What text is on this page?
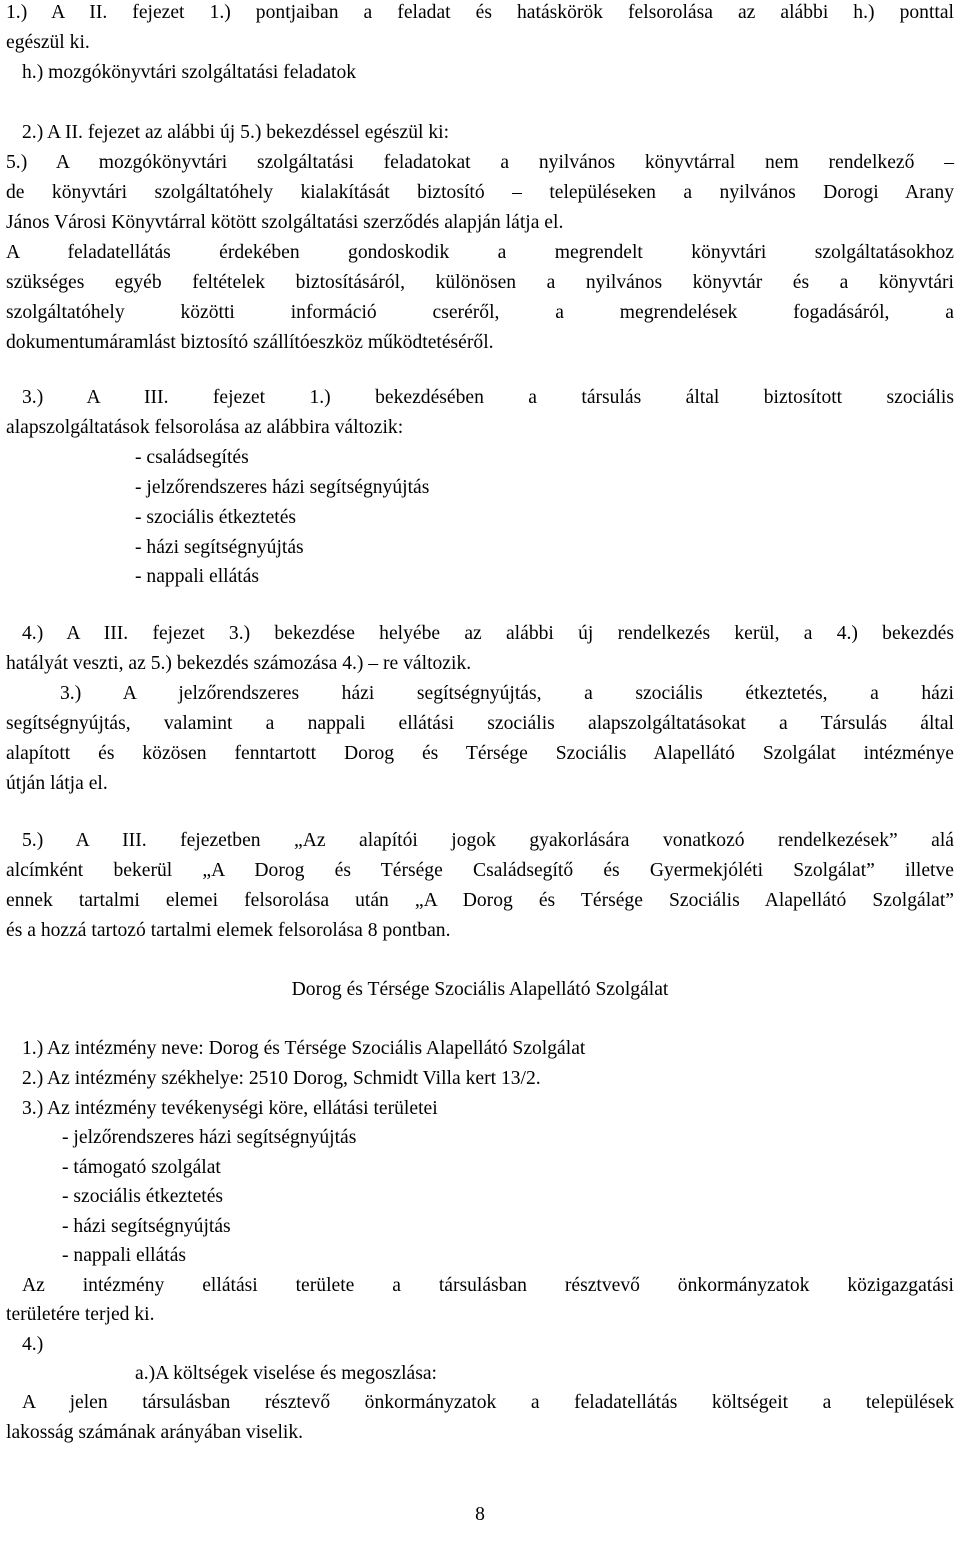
1.) A II. fejezet 1.) pontjaiban a feladat és hatáskörök felsorolása az alábbi h.) ponttal
egészül ki.
h.) mozgókönyvtári szolgáltatási feladatok
2.) A II. fejezet az alábbi új 5.) bekezdéssel egészül ki:
5.) A mozgókönyvtári szolgáltatási feladatokat a nyilvános könyvtárral nem rendelkező –
de könyvtári szolgáltatóhely kialakítását biztosító – településeken a nyilvános Dorogi Arany
János Városi Könyvtárral kötött szolgáltatási szerződés alapján látja el.
A feladatellátás érdekében gondoskodik a megrendelt könyvtári szolgáltatásokhoz
szükséges egyéb feltételek biztosításáról, különösen a nyilvános könyvtár és a könyvtári
szolgáltatóhely közötti információ cseréről, a megrendelések fogadásáról, a
dokumentumáramlást biztosító szállítóeszköz működtetéséről.
3.) A III. fejezet 1.) bekezdésében a társulás által biztosított szociális
alapszolgáltatások felsorolása az alábbira változik:
- családsegítés
- jelzőrendszeres házi segítségnyújtás
- szociális étkeztetés
- házi segítségnyújtás
- nappali ellátás
4.) A III. fejezet 3.) bekezdése helyébe az alábbi új rendelkezés kerül, a 4.) bekezdés
hatályát veszti, az 5.) bekezdés számozása 4.) – re változik.
3.) A jelzőrendszeres házi segítségnyújtás, a szociális étkeztetés, a házi
segítségnyújtás, valamint a nappali ellátási szociális alapszolgáltatásokat a Társulás által
alapított és közösen fenntartott Dorog és Térsége Szociális Alapellátó Szolgálat intézménye
útján látja el.
5.) A III. fejezetben „Az alapítói jogok gyakorlására vonatkozó rendelkezések” alá
alcímként bekerül „A Dorog és Térsége Családsegítő és Gyermekjóléti Szolgálat” illetve
ennek tartalmi elemei felsorolása után „A Dorog és Térsége Szociális Alapellátó Szolgálat”
és a hozzá tartozó tartalmi elemek felsorolása 8 pontban.
Dorog és Térsége Szociális Alapellátó Szolgálat
1.) Az intézmény neve: Dorog és Térsége Szociális Alapellátó Szolgálat
2.) Az intézmény székhelye: 2510 Dorog, Schmidt Villa kert 13/2.
3.) Az intézmény tevékenységi köre, ellátási területei
- jelzőrendszeres házi segítségnyújtás
- támogató szolgálat
- szociális étkeztetés
- házi segítségnyújtás
- nappali ellátás
Az intézmény ellátási területe a társulásban résztvevő önkormányzatok közigazgatási
területére terjed ki.
4.)
a.)A költségek viselése és megoszlása:
A jelen társulásban résztevő önkormányzatok a feladatellátás költségeit a települések
lakosság számának arányában viselik.
8
